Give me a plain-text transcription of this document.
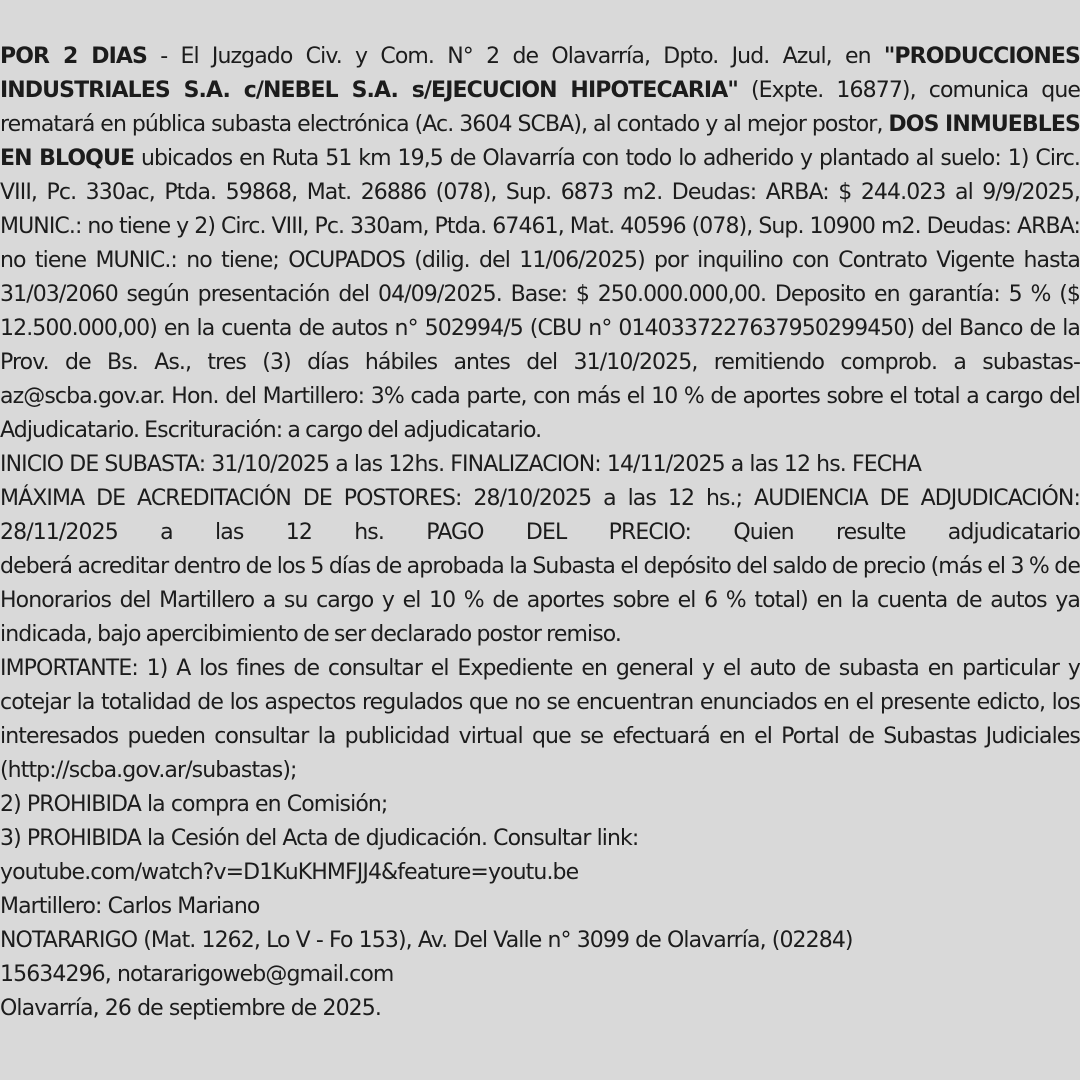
POR 2 DIAS - El Juzgado Civ. y Com. N° 2 de Olavarría, Dpto. Jud. Azul, en "PRODUCCIONES INDUSTRIALES S.A. c/NEBEL S.A. s/EJECUCION HIPOTECARIA" (Expte. 16877), comunica que rematará en pública subasta electrónica (Ac. 3604 SCBA), al contado y al mejor postor, DOS INMUEBLES EN BLOQUE ubicados en Ruta 51 km 19,5 de Olavarría con todo lo adherido y plantado al suelo: 1) Circ. VIII, Pc. 330ac, Ptda. 59868, Mat. 26886 (078), Sup. 6873 m2. Deudas: ARBA: $ 244.023 al 9/9/2025, MUNIC.: no tiene y 2) Circ. VIII, Pc. 330am, Ptda. 67461, Mat. 40596 (078), Sup. 10900 m2. Deudas: ARBA: no tiene MUNIC.: no tiene; OCUPADOS (dilig. del 11/06/2025) por inquilino con Contrato Vigente hasta 31/03/2060 según presentación del 04/09/2025. Base: $ 250.000.000,00. Deposito en garantía: 5 % ($ 12.500.000,00) en la cuenta de autos n° 502994/5 (CBU n° 0140337227637950299450) del Banco de la Prov. de Bs. As., tres (3) días hábiles antes del 31/10/2025, remitiendo comprob. a subastas-az@scba.gov.ar. Hon. del Martillero: 3% cada parte, con más el 10 % de aportes sobre el total a cargo del Adjudicatario. Escrituración: a cargo del adjudicatario.

INICIO DE SUBASTA: 31/10/2025 a las 12hs. FINALIZACION: 14/11/2025 a las 12 hs. FECHA

MÁXIMA DE ACREDITACIÓN DE POSTORES: 28/10/2025 a las 12 hs.; AUDIENCIA DE ADJUDICACIÓN: 28/11/2025 a las 12 hs. PAGO DEL PRECIO: Quien resulte adjudicatario

deberá acreditar dentro de los 5 días de aprobada la Subasta el depósito del saldo de precio (más el 3 % de Honorarios del Martillero a su cargo y el 10 % de aportes sobre el 6 % total) en la cuenta de autos ya indicada, bajo apercibimiento de ser declarado postor remiso.

IMPORTANTE: 1) A los fines de consultar el Expediente en general y el auto de subasta en particular y cotejar la totalidad de los aspectos regulados que no se encuentran enunciados en el presente edicto, los interesados pueden consultar la publicidad virtual que se efectuará en el Portal de Subastas Judiciales (http://scba.gov.ar/subastas);

2) PROHIBIDA la compra en Comisión;

3) PROHIBIDA la Cesión del Acta de djudicación. Consultar link:

youtube.com/watch?v=D1KuKHMFJJ4&feature=youtu.be

Martillero: Carlos Mariano

NOTARARIGO (Mat. 1262, Lo V - Fo 153), Av. Del Valle n° 3099 de Olavarría, (02284)

15634296, notararigoweb@gmail.com

Olavarría, 26 de septiembre de 2025.
